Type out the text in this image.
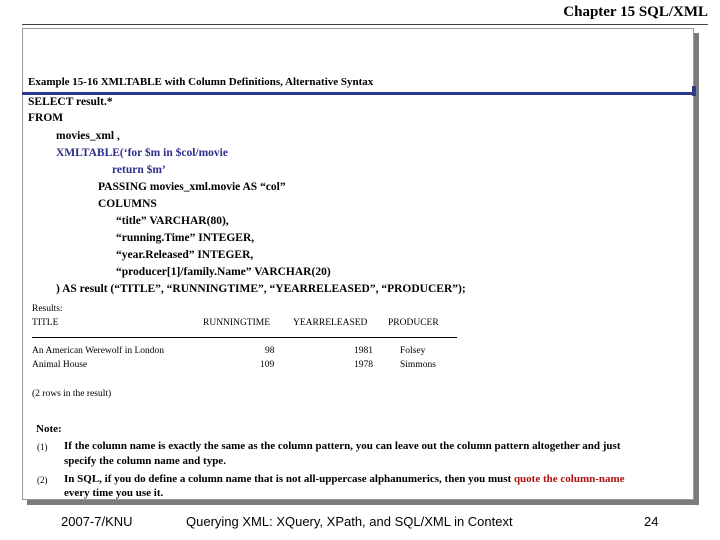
Chapter 15 SQL/XML
Example 15-16 XMLTABLE with Column Definitions, Alternative Syntax
SELECT result.*
FROM
movies_xml ,
XMLTABLE(‘for $m in $col/movie
return $m’
PASSING movies_xml.movie AS “col”
COLUMNS
“title” VARCHAR(80),
“running.Time” INTEGER,
“year.Released” INTEGER,
“producer[1]/family.Name” VARCHAR(20)
) AS result (“TITLE”, “RUNNINGTIME”, “YEARRELEASED”, “PRODUCER”);
Results:
TITLE	RUNNINGTIME YEARRELEASED PRODUCER
An American Werewolf in London	98	1981	Folsey
Animal House	109	1978	Simmons
(2 rows in the result)
Note:
(1) If the column name is exactly the same as the column pattern, you can leave out the column pattern altogether and just
specify the column name and type.
(2) In SQL, if you do define a column name that is not all-uppercase alphanumerics, then you must quote the column-name
every time you use it.
2007-7/KNU	Querying XML: XQuery, XPath, and SQL/XML in Context	24
